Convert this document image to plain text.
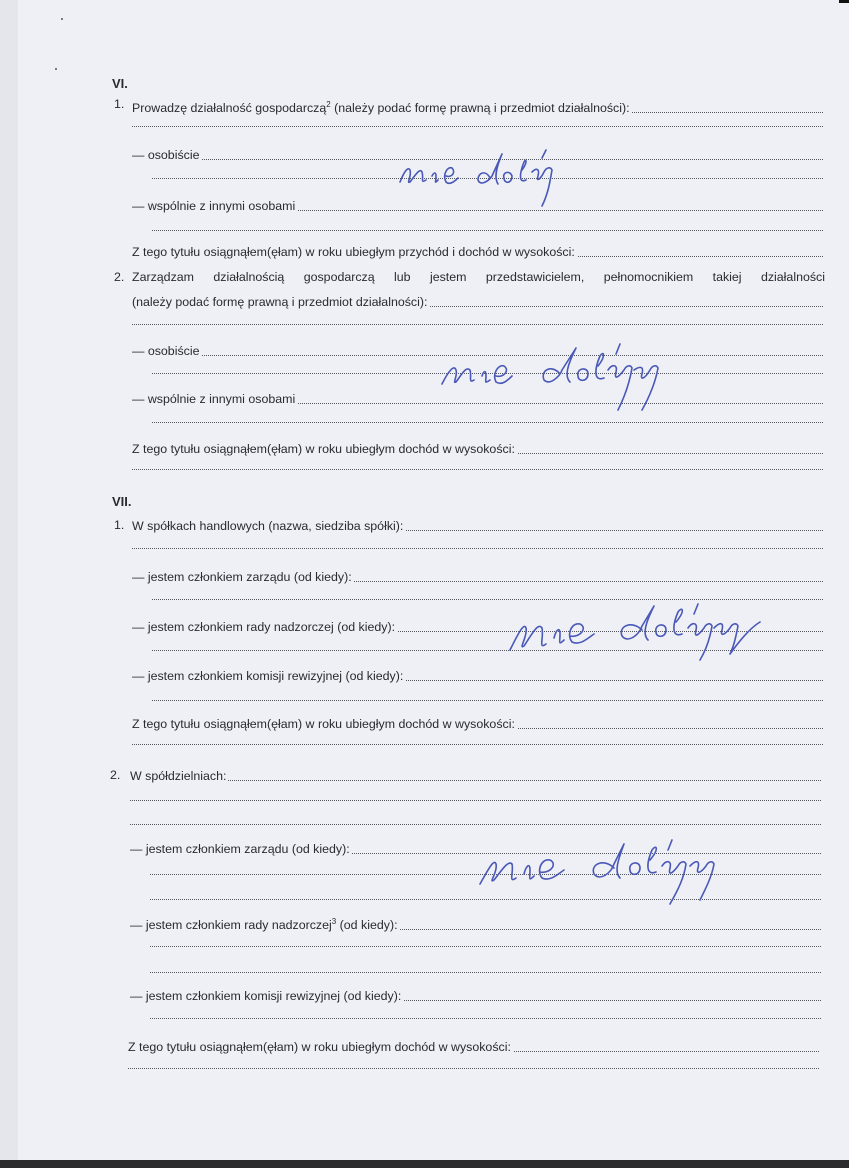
VI.
1. Prowadzę działalność gospodarczą$^2$ (należy podać formę prawną i przedmiot działalności):
— osobiście
— wspólnie z innymi osobami
Z tego tytułu osiągnąłem(ęłam) w roku ubiegłym przychód i dochód w wysokości:
2. Zarządzam działalnością gospodarczą lub jestem przedstawicielem, pełnomocnikiem takiej działalności
(należy podać formę prawną i przedmiot działalności):
— osobiście
— wspólnie z innymi osobami
Z tego tytułu osiągnąłem(ęłam) w roku ubiegłym dochód w wysokości:
VII.
1. W spółkach handlowych (nazwa, siedziba spółki):
— jestem członkiem zarządu (od kiedy):
— jestem członkiem rady nadzorczej (od kiedy):
— jestem członkiem komisji rewizyjnej (od kiedy):
Z tego tytułu osiągnąłem(ęłam) w roku ubiegłym dochód w wysokości:
2. W spółdzielniach:
— jestem członkiem zarządu (od kiedy):
— jestem członkiem rady nadzorczej$^3$ (od kiedy):
— jestem członkiem komisji rewizyjnej (od kiedy):
Z tego tytułu osiągnąłem(ęłam) w roku ubiegłym dochód w wysokości:
